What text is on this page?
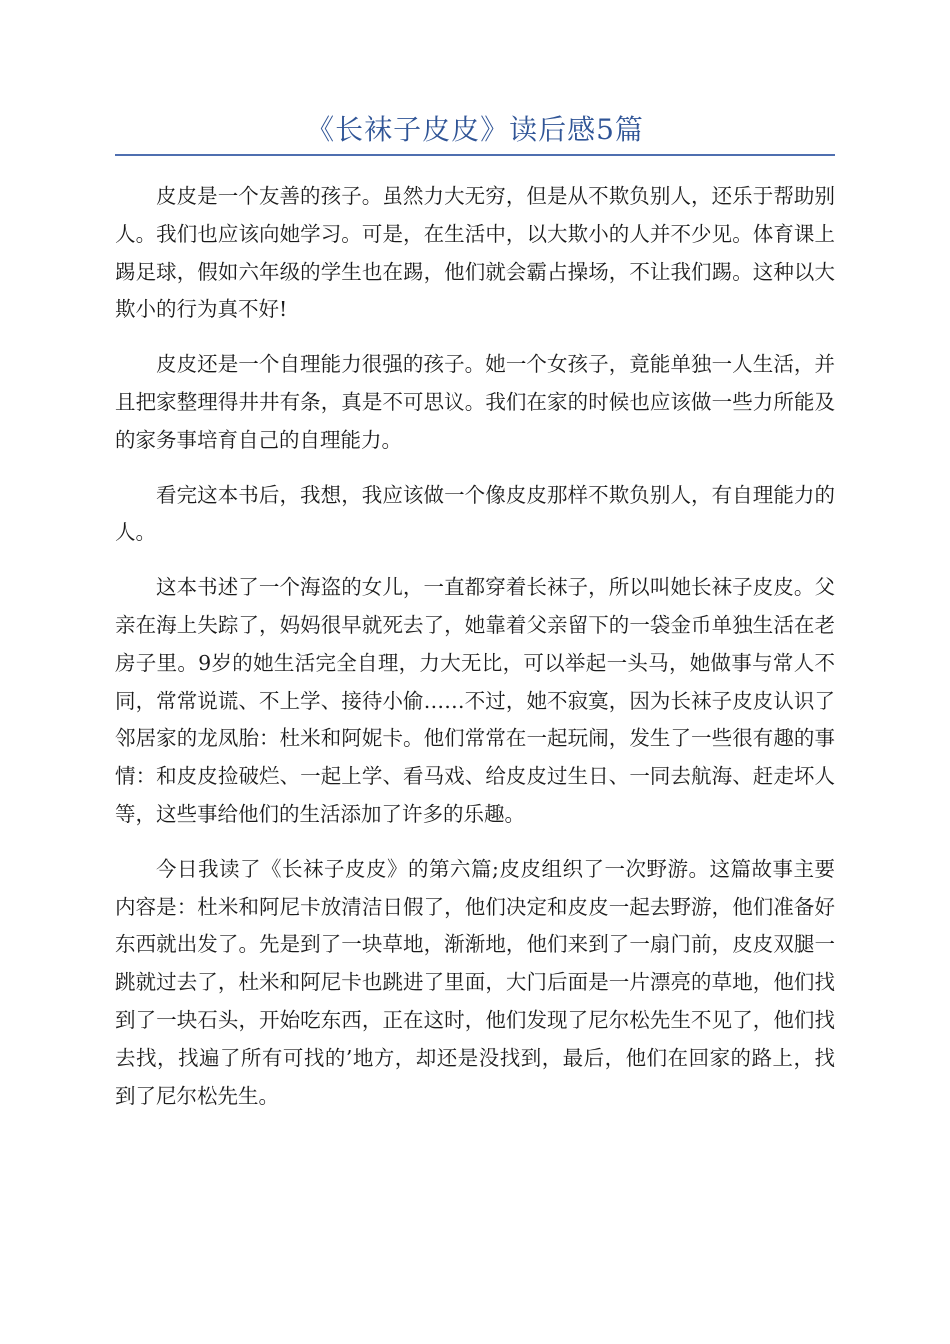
《长袜子皮皮》读后感5篇

皮皮是一个友善的孩子。虽然力大无穷，但是从不欺负别人，还乐于帮助别人。我们也应该向她学习。可是，在生活中，以大欺小的人并不少见。体育课上踢足球，假如六年级的学生也在踢，他们就会霸占操场，不让我们踢。这种以大欺小的行为真不好!

皮皮还是一个自理能力很强的孩子。她一个女孩子，竟能单独一人生活，并且把家整理得井井有条，真是不可思议。我们在家的时候也应该做一些力所能及的家务事培育自己的自理能力。

看完这本书后，我想，我应该做一个像皮皮那样不欺负别人，有自理能力的人。

这本书述了一个海盗的女儿，一直都穿着长袜子，所以叫她长袜子皮皮。父亲在海上失踪了，妈妈很早就死去了，她靠着父亲留下的一袋金币单独生活在老房子里。9岁的她生活完全自理，力大无比，可以举起一头马，她做事与常人不同，常常说谎、不上学、接待小偷……不过，她不寂寞，因为长袜子皮皮认识了邻居家的龙凤胎：杜米和阿妮卡。他们常常在一起玩闹，发生了一些很有趣的事情：和皮皮捡破烂、一起上学、看马戏、给皮皮过生日、一同去航海、赶走坏人等，这些事给他们的生活添加了许多的乐趣。

今日我读了《长袜子皮皮》的第六篇;皮皮组织了一次野游。这篇故事主要内容是：杜米和阿尼卡放清洁日假了，他们决定和皮皮一起去野游，他们准备好东西就出发了。先是到了一块草地，渐渐地，他们来到了一扇门前，皮皮双腿一跳就过去了，杜米和阿尼卡也跳进了里面，大门后面是一片漂亮的草地，他们找到了一块石头，开始吃东西，正在这时，他们发现了尼尔松先生不见了，他们找去找，找遍了所有可找的’地方，却还是没找到，最后，他们在回家的路上，找到了尼尔松先生。
